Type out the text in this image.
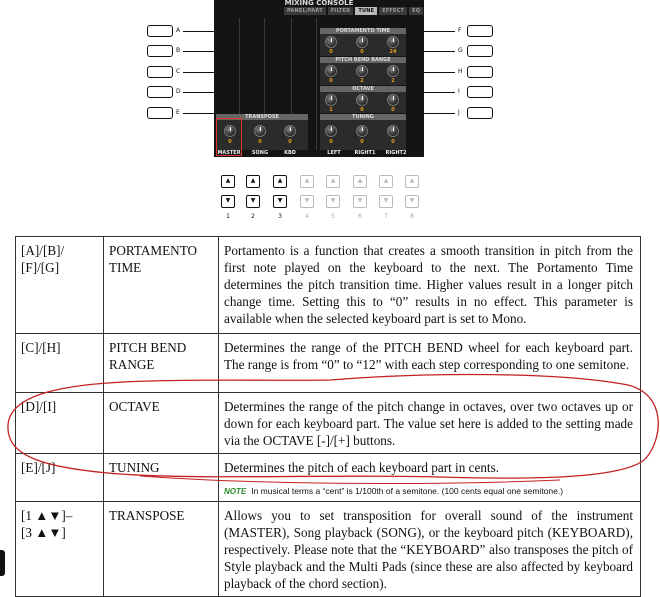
MIXING CONSOLE
PANEL/PART	FILTER	TUNE	EFFECT	EQ
PORTAMENTO TIME
0	0	24
PITCH BEND RANGE
0	2	2
OCTAVE
1	0	0
TRANSPOSE
0	0	0
TUNING
0	0	0
MASTER	SONG	KBD	LEFT	RIGHT1	RIGHT2
A
B
C
D
E
F
G
H
I
J
▲
▼
1
▲
▼
2
▲
▼
3
▲
▼
4
▲
▼
5
▲
▼
6
▲
▼
7
▲
▼
8
[A]/[B]/
[F]/[G]	PORTAMENTO TIME	Portamento is a function that creates a smooth transition in pitch from the first note played on the keyboard to the next. The Portamento Time determines the pitch transition time. Higher values result in a longer pitch change time. Setting this to “0” results in no effect. This parameter is available when the selected keyboard part is set to Mono.
[C]/[H]	PITCH BEND RANGE	Determines the range of the PITCH BEND wheel for each keyboard part. The range is from “0” to “12” with each step corresponding to one semitone.
[D]/[I]	OCTAVE	Determines the range of the pitch change in octaves, over two octaves up or down for each keyboard part. The value set here is added to the setting made via the OCTAVE [-]/[+] buttons.
[E]/[J]	TUNING	Determines the pitch of each keyboard part in cents.
NOTE In musical terms a “cent” is 1/100th of a semitone. (100 cents equal one semitone.)

[1 ▲▼]–
[3 ▲▼]	TRANSPOSE	Allows you to set transposition for overall sound of the instrument (MASTER), Song playback (SONG), or the keyboard pitch (KEYBOARD), respectively. Please note that the “KEYBOARD” also transposes the pitch of Style playback and the Multi Pads (since these are also affected by keyboard playback of the chord section).
